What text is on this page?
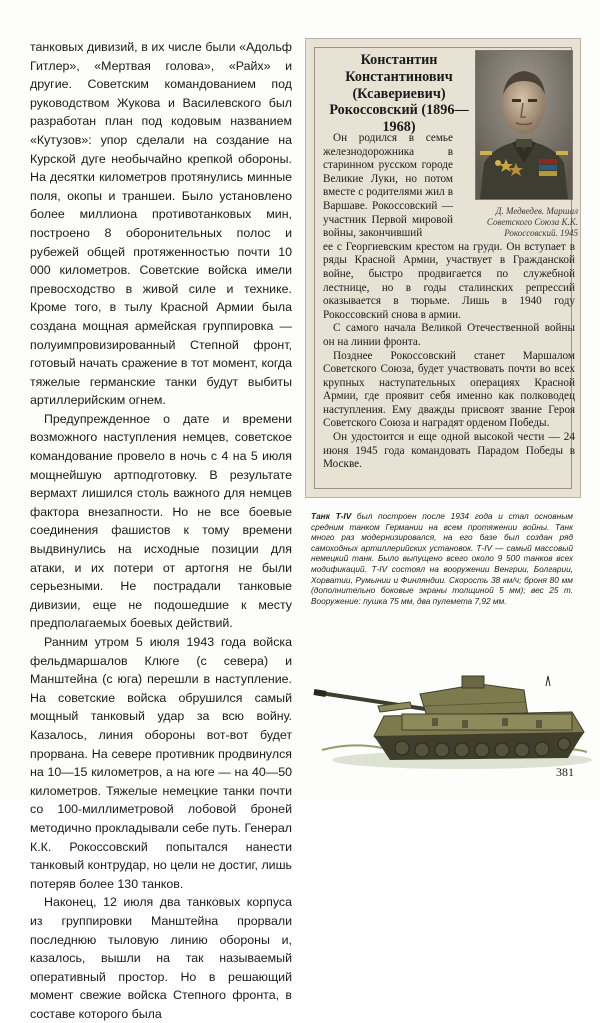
танковых дивизий, в их числе были «Адольф Гитлер», «Мертвая голова», «Райх» и другие. Советским командованием под руководством Жукова и Василевского был разработан план под кодовым названием «Кутузов»: упор сделали на создание на Курской дуге необычайно крепкой обороны. На десятки километров протянулись минные поля, окопы и траншеи. Было установлено более миллиона противотанковых мин, построено 8 оборонительных полос и рубежей общей протяженностью почти 10 000 километров. Советские войска имели превосходство в живой силе и технике. Кроме того, в тылу Красной Армии была создана мощная армейская группировка — полуимпровизированный Степной фронт, готовый начать сражение в тот момент, когда тяжелые германские танки будут выбиты артиллерийским огнем.

Предупрежденное о дате и времени возможного наступления немцев, советское командование провело в ночь с 4 на 5 июля мощнейшую артподготовку. В результате вермахт лишился столь важного для немцев фактора внезапности. Но не все боевые соединения фашистов к тому времени выдвинулись на исходные позиции для атаки, и их потери от артогня не были серьезными. Не пострадали танковые дивизии, еще не подошедшие к месту предполагаемых боевых действий.

Ранним утром 5 июля 1943 года войска фельдмаршалов Клюге (с севера) и Манштейна (с юга) перешли в наступление. На советские войска обрушился самый мощный танковый удар за всю войну. Казалось, линия обороны вот-вот будет прорвана. На севере противник продвинулся на 10—15 километров, а на юге — на 40—50 километров. Тяжелые немецкие танки почти со 100-миллиметровой лобовой броней методично прокладывали себе путь. Генерал К.К. Рокоссовский попытался нанести танковый контрудар, но цели не достиг, лишь потеряв более 130 танков.

Наконец, 12 июля два танковых корпуса из группировки Манштейна прорвали последнюю тыловую линию обороны и, казалось, вышли на так называемый оперативный простор. Но в решающий момент свежие войска Степного фронта, в составе которого была

Константин Константинович (Ксавериевич) Рокоссовский (1896—1968)
Д. Медведев. Маршал Советского Союза К.К. Рокоссовский. 1945

Он родился в семье железнодорожника в старинном русском городе Великие Луки, но потом вместе с родителями жил в Варшаве. Рокоссовский — участник Первой мировой войны, закончивший

ее с Георгиевским крестом на груди. Он вступает в ряды Красной Армии, участвует в Гражданской войне, быстро продвигается по служебной лестнице, но в годы сталинских репрессий оказывается в тюрьме. Лишь в 1940 году Рокоссовский снова в армии.

С самого начала Великой Отечественной войны он на линии фронта.

Позднее Рокоссовский станет Маршалом Советского Союза, будет участвовать почти во всех крупных наступательных операциях Красной Армии, где проявит себя именно как полководец наступления. Ему дважды присвоят звание Героя Советского Союза и наградят орденом Победы.

Он удостоится и еще одной высокой чести — 24 июня 1945 года командовать Парадом Победы в Москве.

Танк Т-IV был построен после 1934 года и стал основным средним танком Германии на всем протяжении войны. Танк много раз модернизировался, на его базе был создан ряд самоходных артиллерийских установок. Т-IV — самый массовый немецкий танк. Было выпущено всего около 9 500 танков всех модификаций. Т-IV состоял на вооружении Венгрии, Болгарии, Хорватии, Румынии и Финляндии. Скорость 38 км/ч; броня 80 мм (дополнительно боковые экраны толщиной 5 мм); вес 25 т. Вооружение: пушка 75 мм, два пулемета 7,92 мм.
381
